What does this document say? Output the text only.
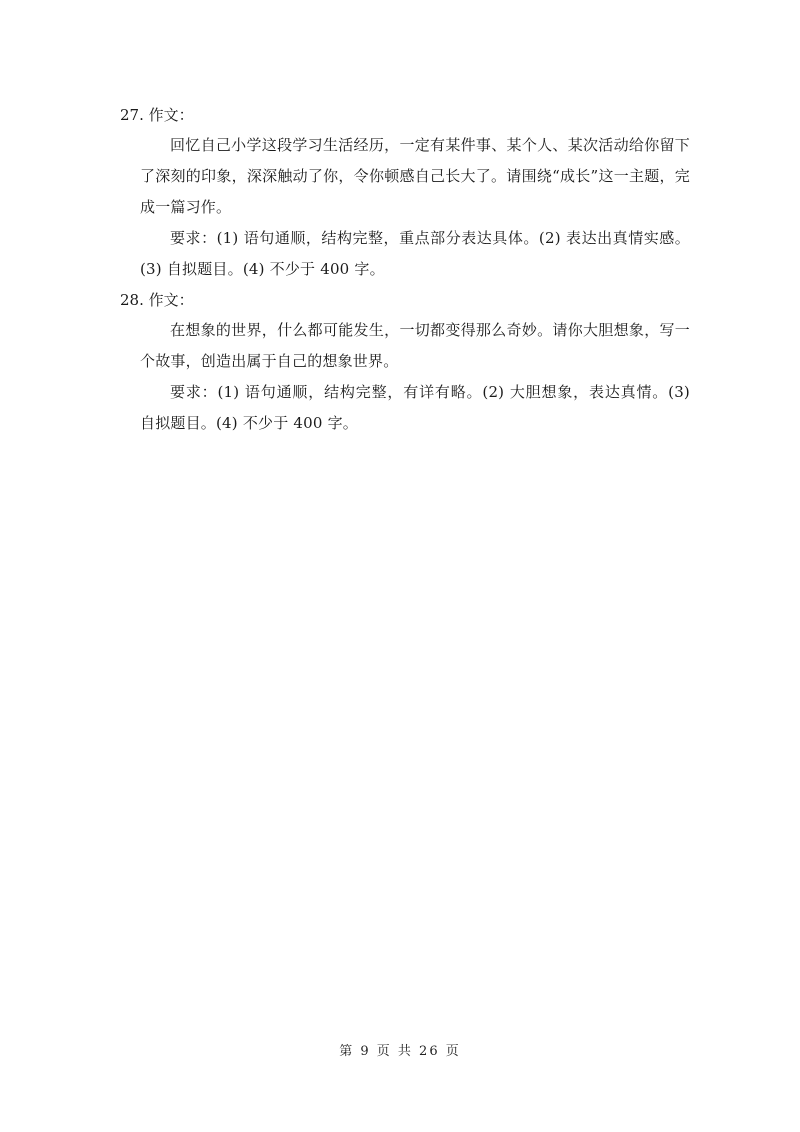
27. 作文：
回忆自己小学这段学习生活经历，一定有某件事、某个人、某次活动给你留下了深刻的印象，深深触动了你，令你顿感自己长大了。请围绕“成长”这一主题，完成一篇习作。
要求：(1) 语句通顺，结构完整，重点部分表达具体。(2) 表达出真情实感。(3) 自拟题目。(4) 不少于 400 字。
28. 作文：
在想象的世界，什么都可能发生，一切都变得那么奇妙。请你大胆想象，写一个故事，创造出属于自己的想象世界。
要求：(1) 语句通顺，结构完整，有详有略。(2) 大胆想象，表达真情。(3) 自拟题目。(4) 不少于 400 字。
第 9 页 共 26 页
